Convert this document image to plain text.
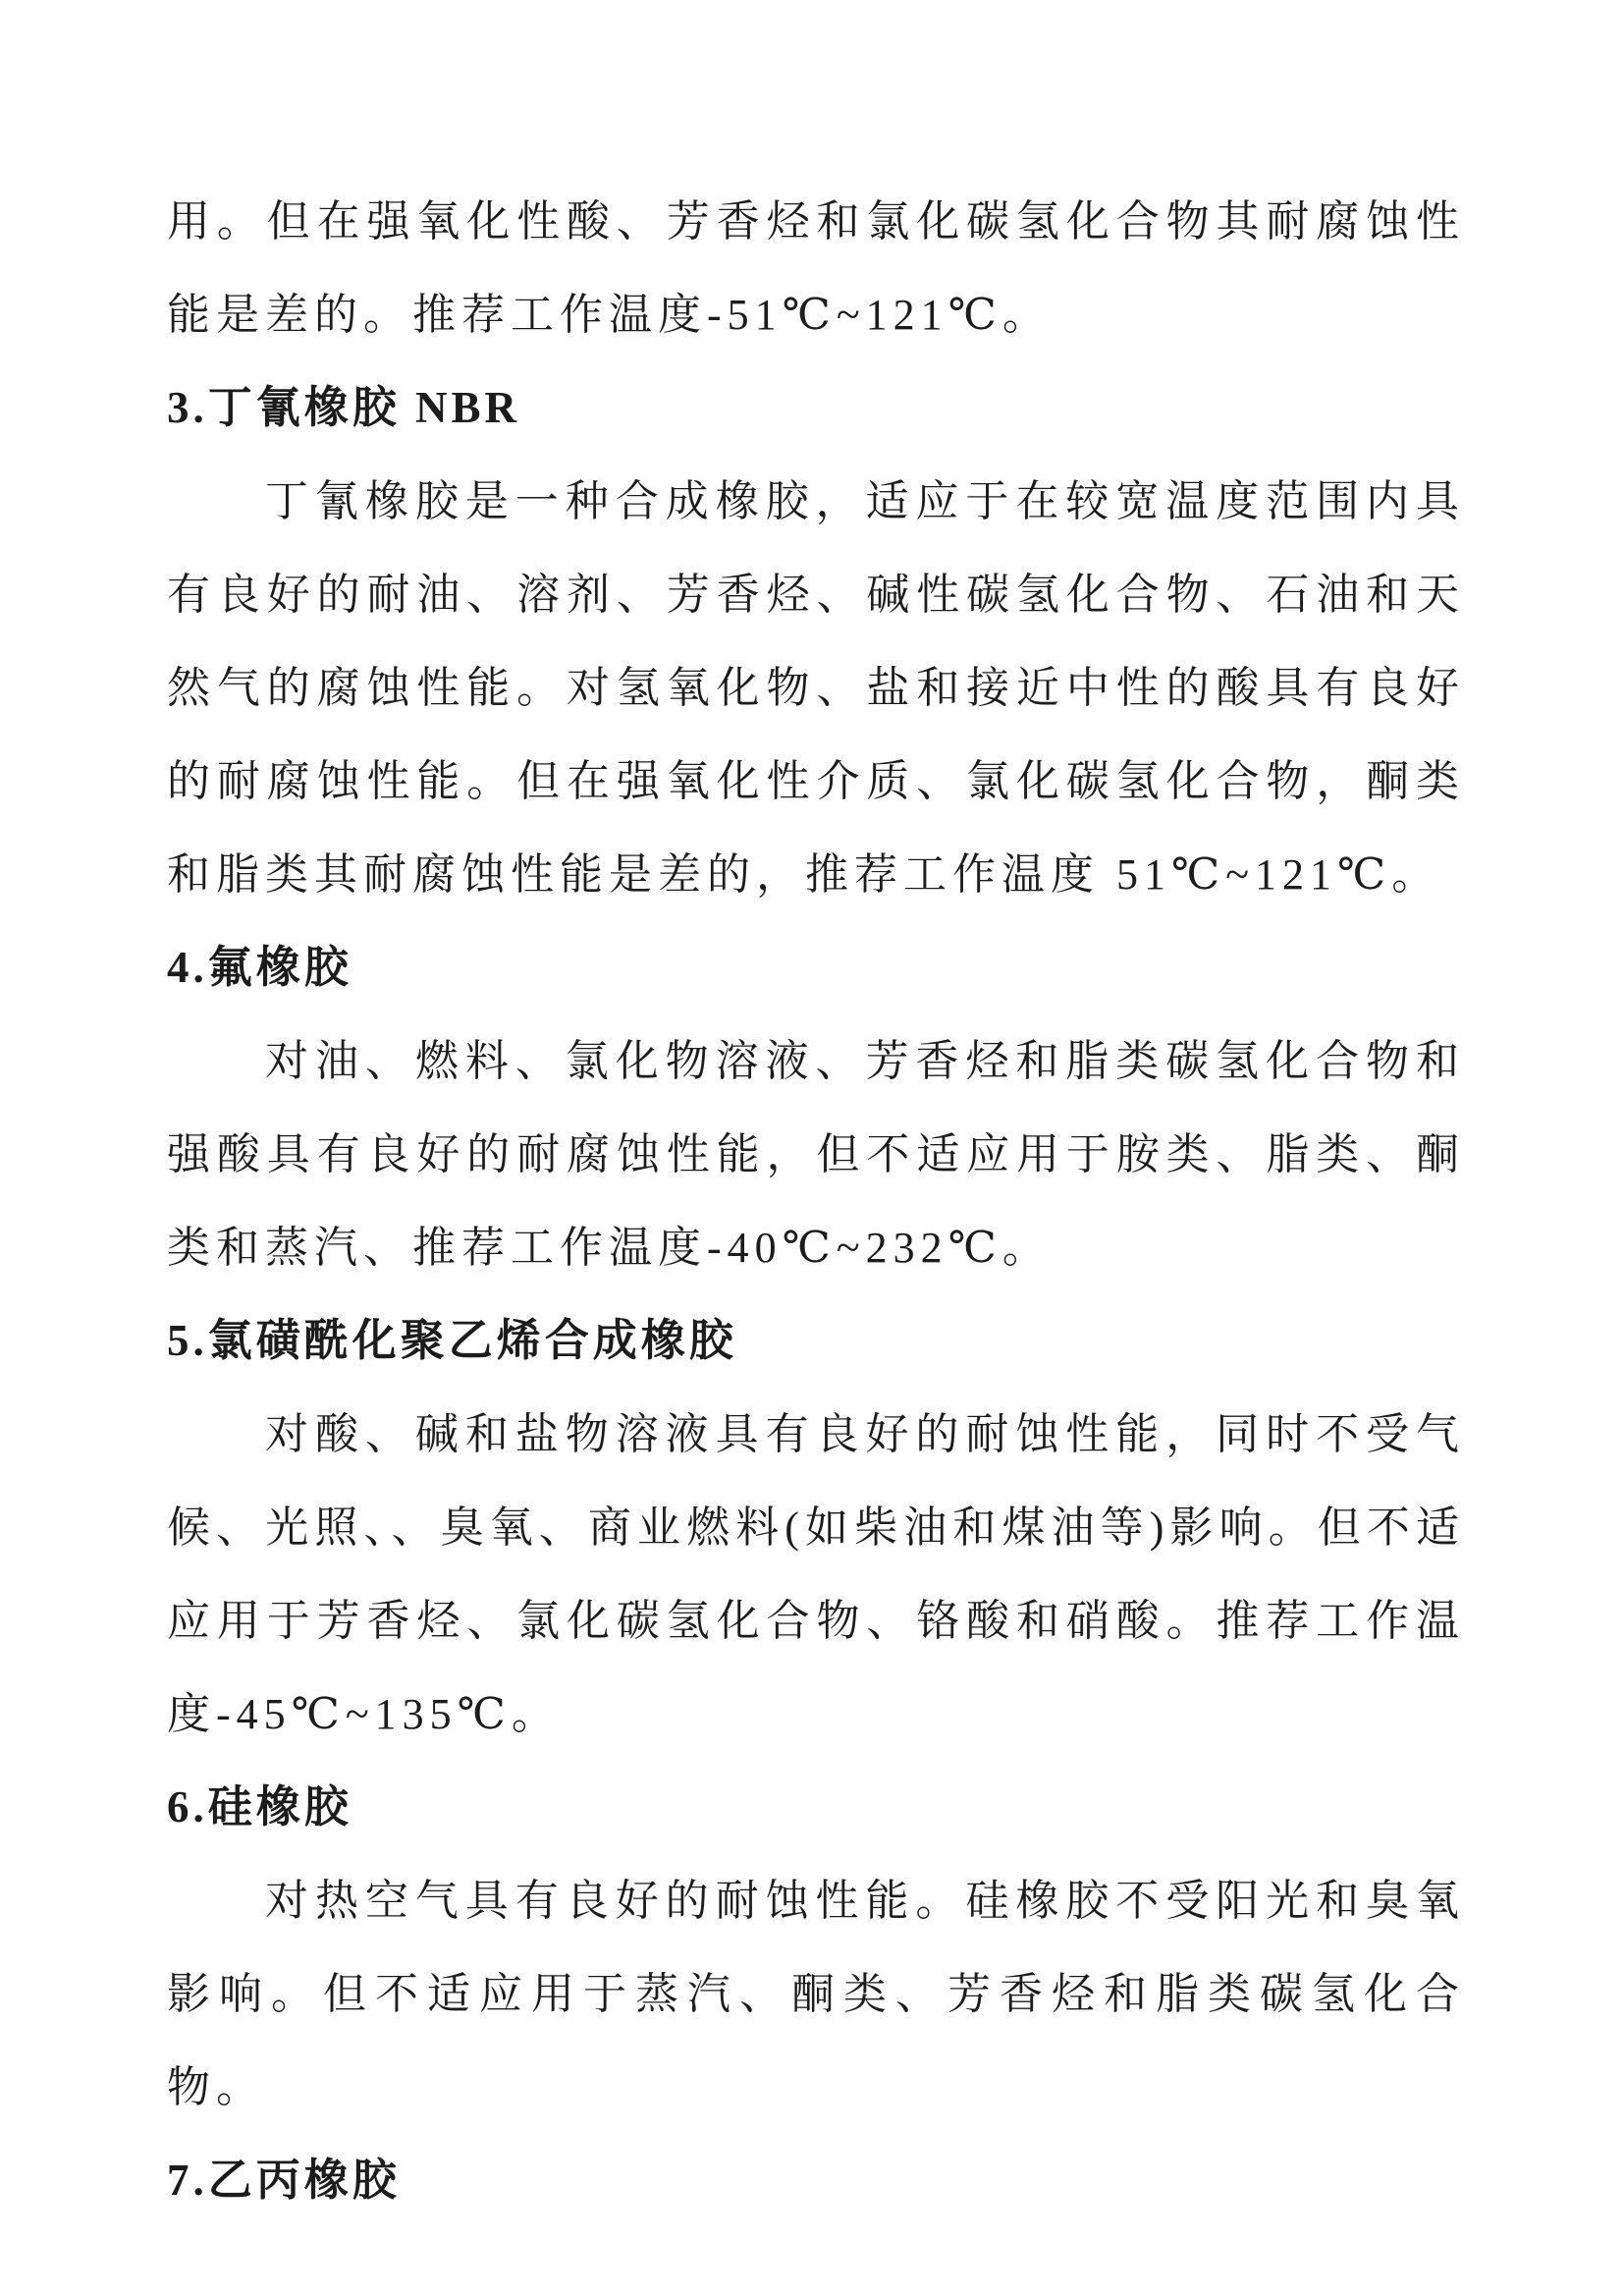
用。但在强氧化性酸、芳香烃和氯化碳氢化合物其耐腐蚀性能是差的。推荐工作温度-51℃~121℃。

3.丁氰橡胶 NBR

丁氰橡胶是一种合成橡胶，适应于在较宽温度范围内具有良好的耐油、溶剂、芳香烃、碱性碳氢化合物、石油和天然气的腐蚀性能。对氢氧化物、盐和接近中性的酸具有良好的耐腐蚀性能。但在强氧化性介质、氯化碳氢化合物，酮类和脂类其耐腐蚀性能是差的，推荐工作温度 51℃~121℃。

4.氟橡胶

对油、燃料、氯化物溶液、芳香烃和脂类碳氢化合物和强酸具有良好的耐腐蚀性能，但不适应用于胺类、脂类、酮类和蒸汽、推荐工作温度-40℃~232℃。

5.氯磺酰化聚乙烯合成橡胶

对酸、碱和盐物溶液具有良好的耐蚀性能，同时不受气候、光照、、臭氧、商业燃料(如柴油和煤油等)影响。但不适应用于芳香烃、氯化碳氢化合物、铬酸和硝酸。推荐工作温度-45℃~135℃。

6.硅橡胶

对热空气具有良好的耐蚀性能。硅橡胶不受阳光和臭氧影响。但不适应用于蒸汽、酮类、芳香烃和脂类碳氢化合物。

7.乙丙橡胶
